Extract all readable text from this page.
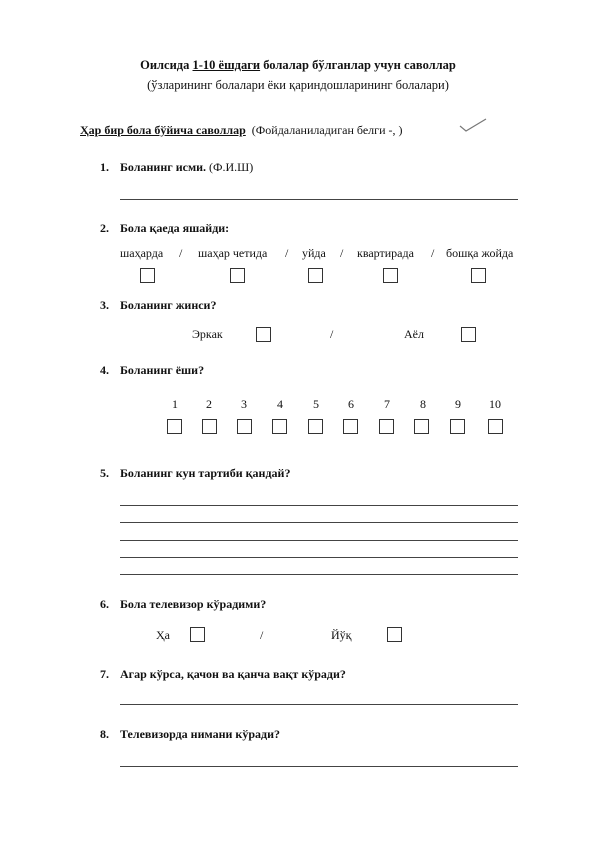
Оилсида 1-10 ёшдаги болалар бўлганлар учун саволлар
(ўзларининг болалари ёки қариндошларининг болалари)
Ҳар бир бола бўйича саволлар (Фойдаланиладиган белги -, )
1. Боланинг исми. (Ф.И.Ш)
2. Бола қаеда яшайди:
шаҳарда / шаҳар четида / уйда / квартирада / бошқа жойда
3. Боланинг жинси?
Эркак	/	Аёл
4. Боланинг ёши?
1 2 3	4	5 6	7	8 9 10
5. Боланинг кун тартиби қандай?
6. Бола телевизор кўрадими?
Ҳа	/	Йўқ
7. Агар кўрса, қачон ва қанча вақт кўради?
8. Телевизорда нимани кўради?
